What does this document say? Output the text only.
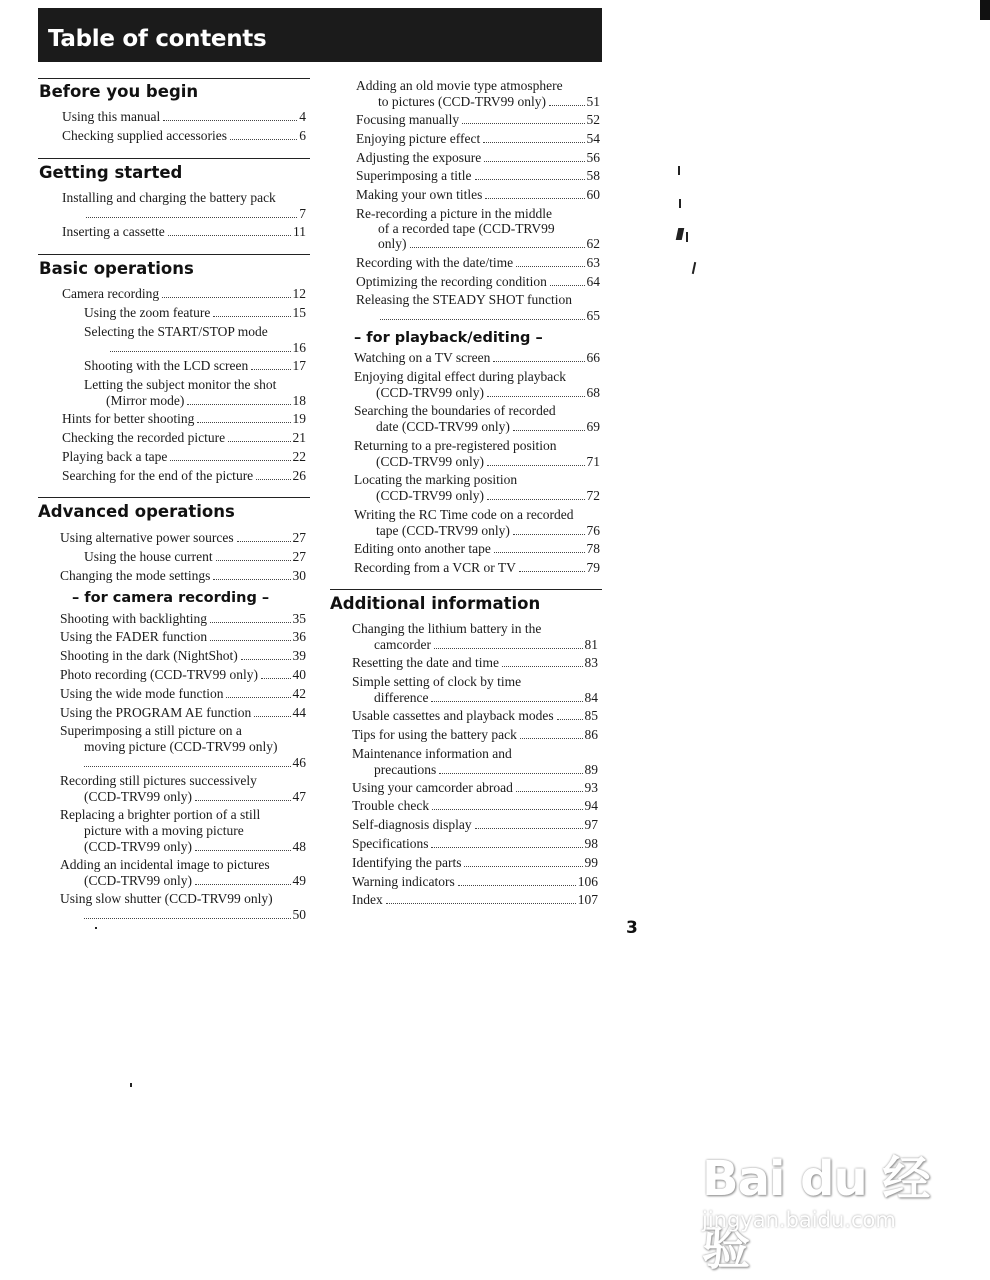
Table of contents
Before you begin
Using this manual	4
Checking supplied accessories	6
Getting started
Installing and charging the battery pack
7
Inserting a cassette	11
Basic operations
Camera recording	12
Using the zoom feature	15
Selecting the START/STOP mode
16
Shooting with the LCD screen	17
Letting the subject monitor the shot
(Mirror mode)	18
Hints for better shooting	19
Checking the recorded picture	21
Playing back a tape	22
Searching for the end of the picture	26
Advanced operations
Using alternative power sources	27
Using the house current	27
Changing the mode settings	30
– for camera recording –
Shooting with backlighting	35
Using the FADER function	36
Shooting in the dark (NightShot)	39
Photo recording (CCD-TRV99 only)	40
Using the wide mode function	42
Using the PROGRAM AE function	44
Superimposing a still picture on a
moving picture (CCD-TRV99 only)
46
Recording still pictures successively
(CCD-TRV99 only)	47
Replacing a brighter portion of a still
picture with a moving picture
(CCD-TRV99 only)	48
Adding an incidental image to pictures
(CCD-TRV99 only)	49
Using slow shutter (CCD-TRV99 only)
50
Adding an old movie type atmosphere
to pictures (CCD-TRV99 only)	51
Focusing manually	52
Enjoying picture effect	54
Adjusting the exposure	56
Superimposing a title	58
Making your own titles	60
Re-recording a picture in the middle
of a recorded tape (CCD-TRV99
only)	62
Recording with the date/time	63
Optimizing the recording condition	64
Releasing the STEADY SHOT function
65
– for playback/editing –
Watching on a TV screen	66
Enjoying digital effect during playback
(CCD-TRV99 only)	68
Searching the boundaries of recorded
date (CCD-TRV99 only)	69
Returning to a pre-registered position
(CCD-TRV99 only)	71
Locating the marking position
(CCD-TRV99 only)	72
Writing the RC Time code on a recorded
tape (CCD-TRV99 only)	76
Editing onto another tape	78
Recording from a VCR or TV	79
Additional information
Changing the lithium battery in the
camcorder	81
Resetting the date and time	83
Simple setting of clock by time
difference	84
Usable cassettes and playback modes 85
Tips for using the battery pack	86
Maintenance information and
precautions	89
Using your camcorder abroad	93
Trouble check	94
Self-diagnosis display	97
Specifications	98
Identifying the parts	99
Warning indicators	106
Index	107
3
Bai du 经验
jingyan.baidu.com
